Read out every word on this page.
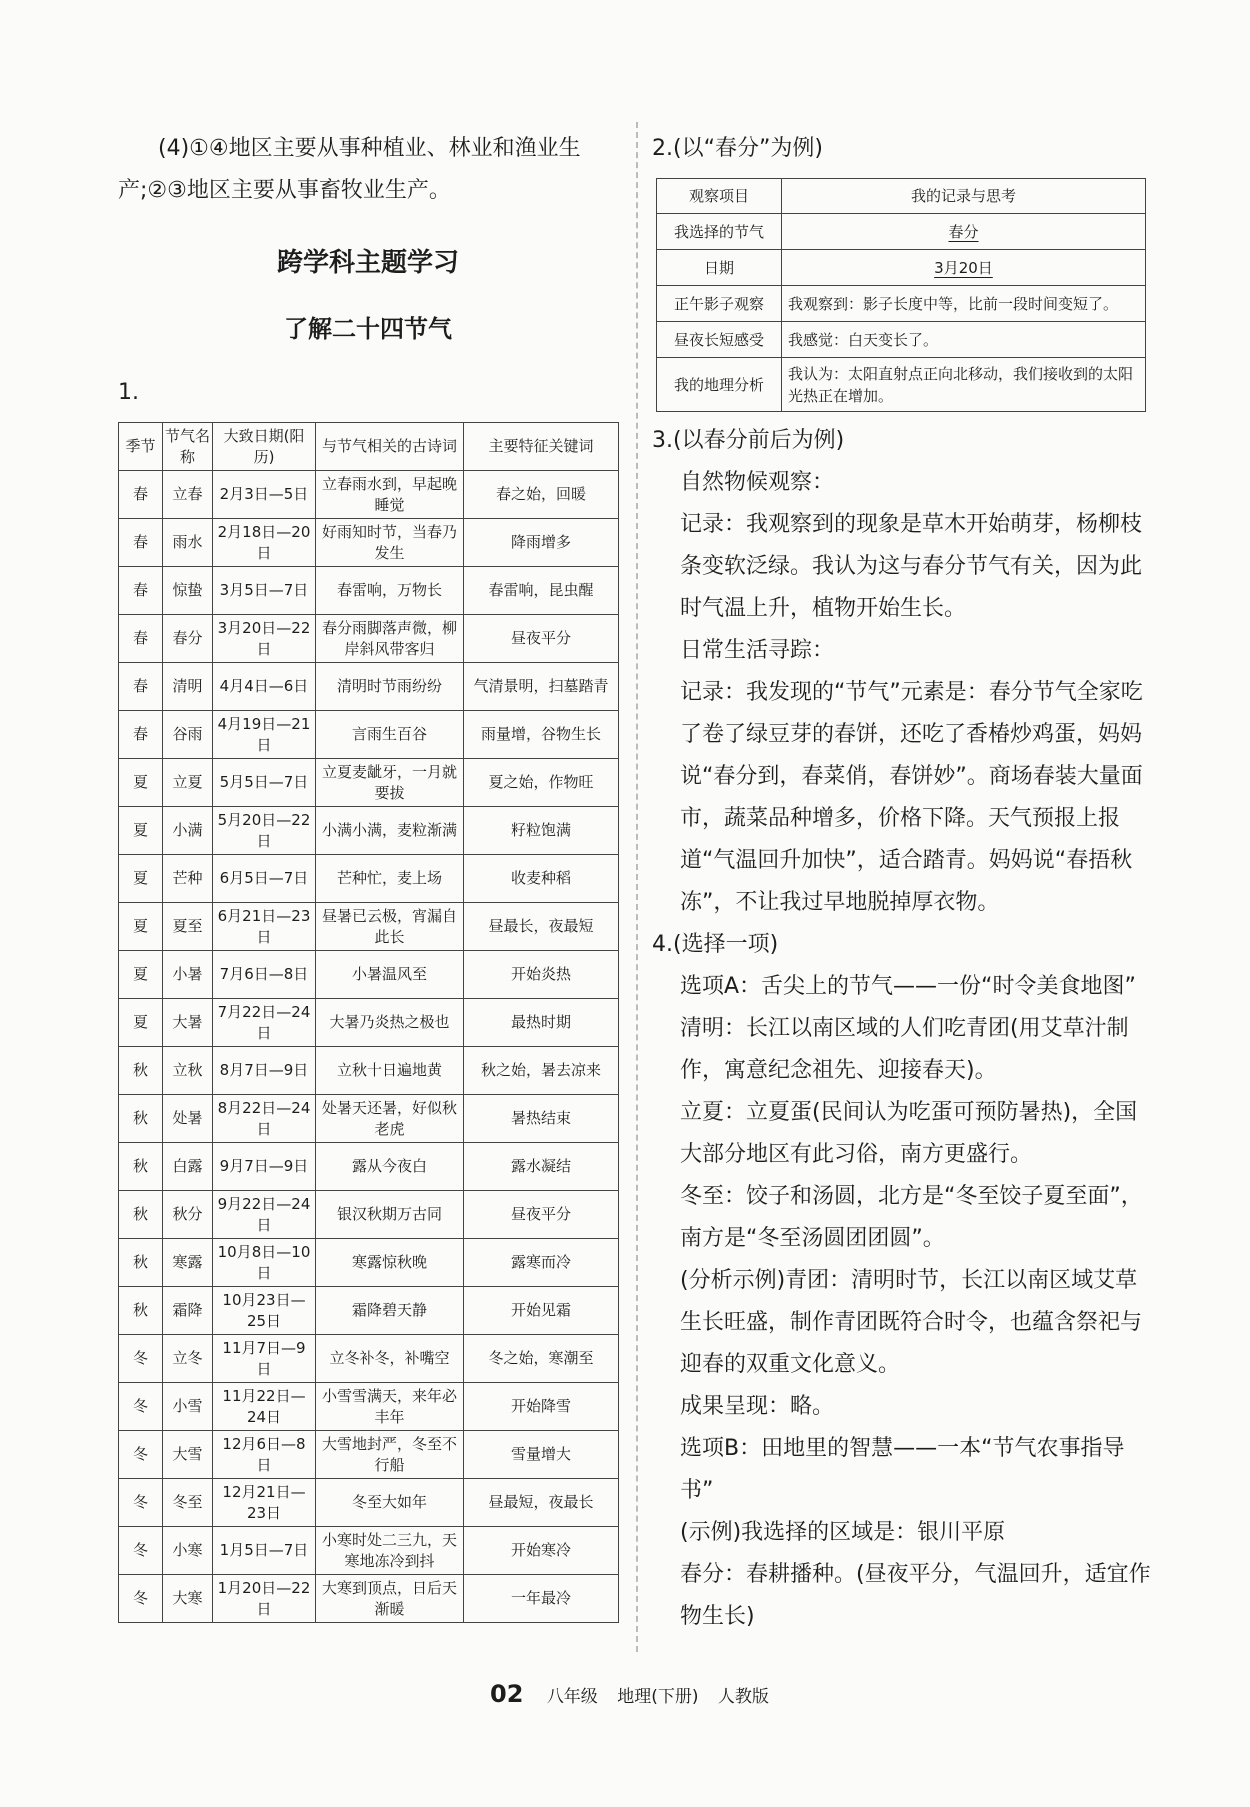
(4)①④地区主要从事种植业、林业和渔业生产;②③地区主要从事畜牧业生产。

跨学科主题学习

了解二十四节气

1.

季节	节气名称	大致日期(阳历)	与节气相关的古诗词	主要特征关键词
春	立春	2月3日—5日	立春雨水到，早起晚睡觉	春之始，回暖
春	雨水	2月18日—20日	好雨知时节，当春乃发生	降雨增多
春	惊蛰	3月5日—7日	春雷响，万物长	春雷响，昆虫醒
春	春分	3月20日—22日	春分雨脚落声微，柳岸斜风带客归	昼夜平分
春	清明	4月4日—6日	清明时节雨纷纷	气清景明，扫墓踏青
春	谷雨	4月19日—21日	言雨生百谷	雨量增，谷物生长
夏	立夏	5月5日—7日	立夏麦龇牙，一月就要拔	夏之始，作物旺
夏	小满	5月20日—22日	小满小满，麦粒渐满	籽粒饱满
夏	芒种	6月5日—7日	芒种忙，麦上场	收麦种稻
夏	夏至	6月21日—23日	昼暑已云极，宵漏自此长	昼最长，夜最短
夏	小暑	7月6日—8日	小暑温风至	开始炎热
夏	大暑	7月22日—24日	大暑乃炎热之极也	最热时期
秋	立秋	8月7日—9日	立秋十日遍地黄	秋之始，暑去凉来
秋	处暑	8月22日—24日	处暑天还暑，好似秋老虎	暑热结束
秋	白露	9月7日—9日	露从今夜白	露水凝结
秋	秋分	9月22日—24日	银汉秋期万古同	昼夜平分
秋	寒露	10月8日—10日	寒露惊秋晚	露寒而冷
秋	霜降	10月23日—25日	霜降碧天静	开始见霜
冬	立冬	11月7日—9日	立冬补冬，补嘴空	冬之始，寒潮至
冬	小雪	11月22日—24日	小雪雪满天，来年必丰年	开始降雪
冬	大雪	12月6日—8日	大雪地封严，冬至不行船	雪量增大
冬	冬至	12月21日—23日	冬至大如年	昼最短，夜最长
冬	小寒	1月5日—7日	小寒时处二三九，天寒地冻冷到抖	开始寒冷
冬	大寒	1月20日—22日	大寒到顶点，日后天渐暖	一年最冷

2.(以“春分”为例)

观察项目	我的记录与思考
我选择的节气	春分
日期	3月20日
正午影子观察	我观察到：影子长度中等，比前一段时间变短了。
昼夜长短感受	我感觉：白天变长了。
我的地理分析	我认为：太阳直射点正向北移动，我们接收到的太阳光热正在增加。

3.(以春分前后为例)

自然物候观察：

记录：我观察到的现象是草木开始萌芽，杨柳枝条变软泛绿。我认为这与春分节气有关，因为此时气温上升，植物开始生长。

日常生活寻踪：

记录：我发现的“节气”元素是：春分节气全家吃了卷了绿豆芽的春饼，还吃了香椿炒鸡蛋，妈妈说“春分到，春菜俏，春饼妙”。商场春装大量面市，蔬菜品种增多，价格下降。天气预报上报道“气温回升加快”，适合踏青。妈妈说“春捂秋冻”，不让我过早地脱掉厚衣物。

4.(选择一项)

选项A：舌尖上的节气——一份“时令美食地图”

清明：长江以南区域的人们吃青团(用艾草汁制作，寓意纪念祖先、迎接春天)。

立夏：立夏蛋(民间认为吃蛋可预防暑热)，全国大部分地区有此习俗，南方更盛行。

冬至：饺子和汤圆，北方是“冬至饺子夏至面”，南方是“冬至汤圆团团圆”。

(分析示例)青团：清明时节，长江以南区域艾草生长旺盛，制作青团既符合时令，也蕴含祭祀与迎春的双重文化意义。

成果呈现：略。

选项B：田地里的智慧——一本“节气农事指导书”

(示例)我选择的区域是：银川平原

春分：春耕播种。(昼夜平分，气温回升，适宜作物生长)

02 八年级 地理(下册) 人教版
